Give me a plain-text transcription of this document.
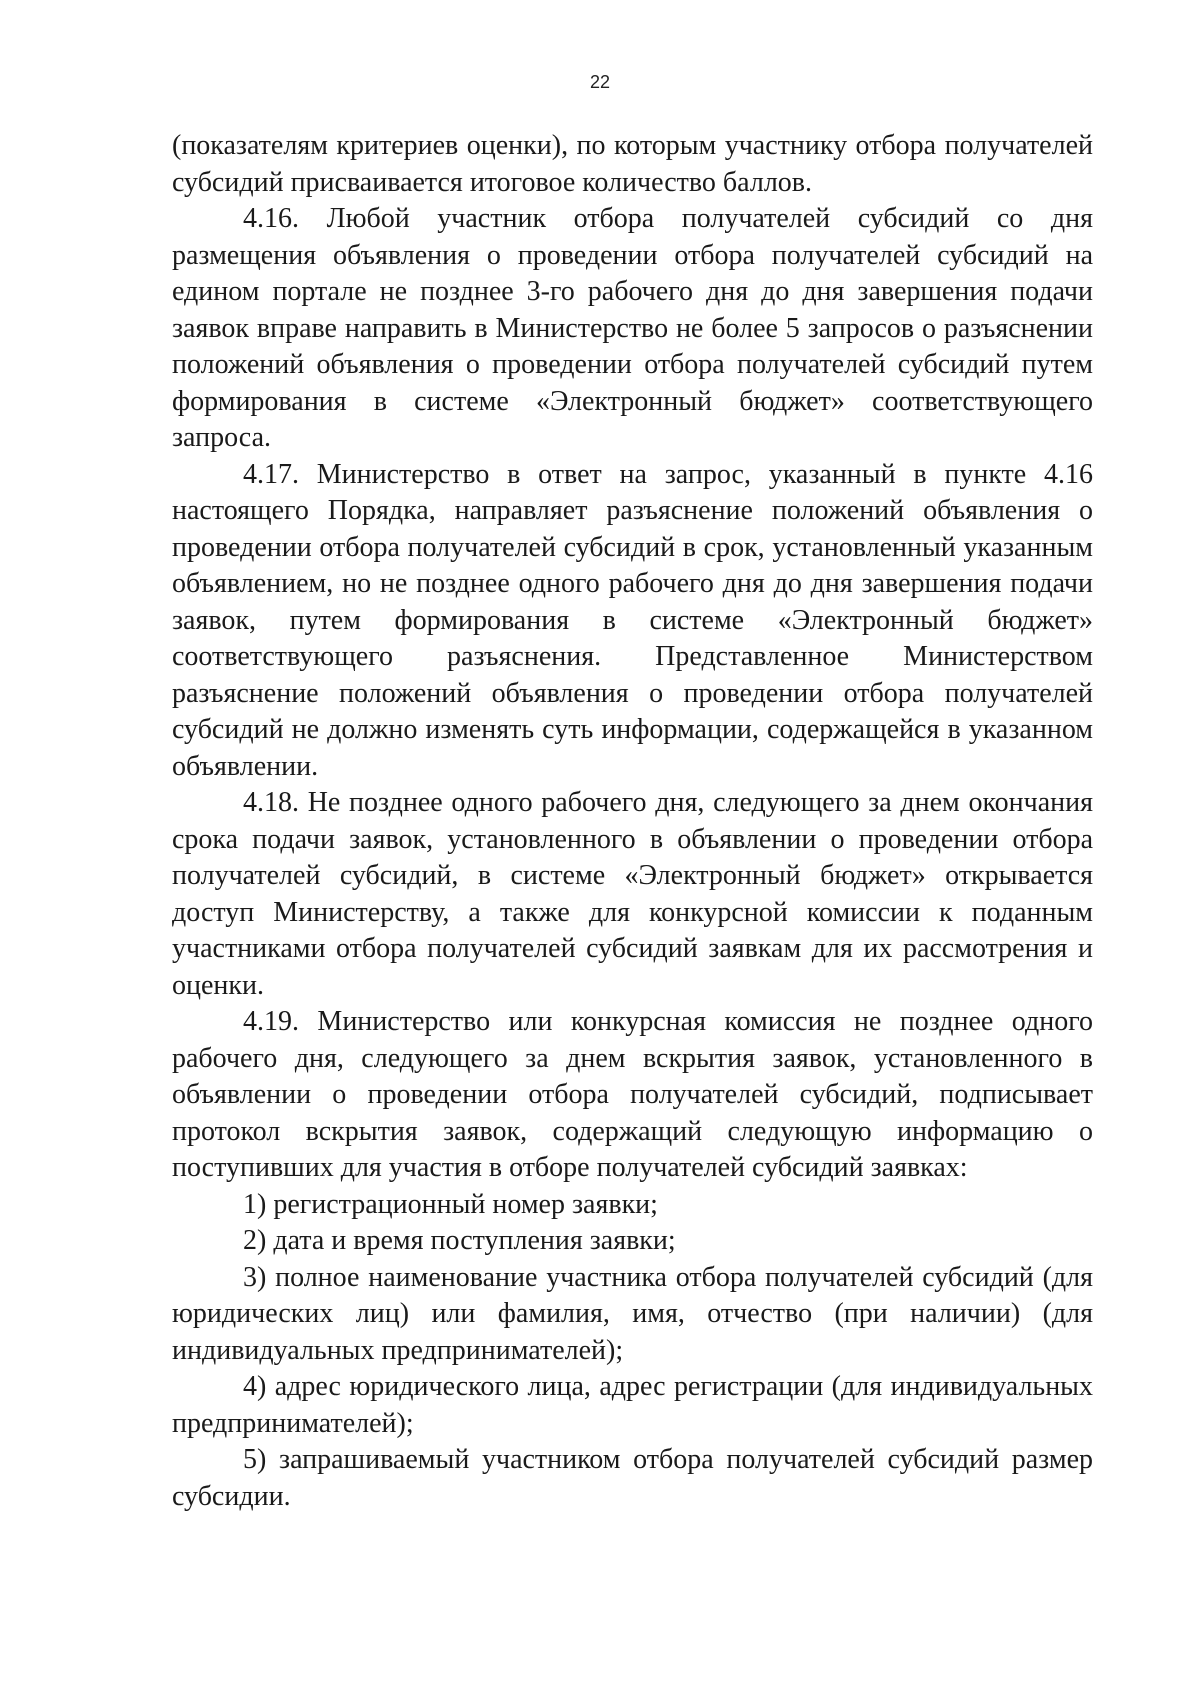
22

(показателям критериев оценки), по которым участнику отбора получателей субсидий присваивается итоговое количество баллов.

4.16. Любой участник отбора получателей субсидий со дня размещения объявления о проведении отбора получателей субсидий на едином портале не позднее 3-го рабочего дня до дня завершения подачи заявок вправе направить в Министерство не более 5 запросов о разъяснении положений объявления о проведении отбора получателей субсидий путем формирования в системе «Электронный бюджет» соответствующего запроса.

4.17. Министерство в ответ на запрос, указанный в пункте 4.16 настоящего Порядка, направляет разъяснение положений объявления о проведении отбора получателей субсидий в срок, установленный указанным объявлением, но не позднее одного рабочего дня до дня завершения подачи заявок, путем формирования в системе «Электронный бюджет» соответствующего разъяснения. Представленное Министерством разъяснение положений объявления о проведении отбора получателей субсидий не должно изменять суть информации, содержащейся в указанном объявлении.

4.18. Не позднее одного рабочего дня, следующего за днем окончания срока подачи заявок, установленного в объявлении о проведении отбора получателей субсидий, в системе «Электронный бюджет» открывается доступ Министерству, а также для конкурсной комиссии к поданным участниками отбора получателей субсидий заявкам для их рассмотрения и оценки.

4.19. Министерство или конкурсная комиссия не позднее одного рабочего дня, следующего за днем вскрытия заявок, установленного в объявлении о проведении отбора получателей субсидий, подписывает протокол вскрытия заявок, содержащий следующую информацию о поступивших для участия в отборе получателей субсидий заявках:

1) регистрационный номер заявки;

2) дата и время поступления заявки;

3) полное наименование участника отбора получателей субсидий (для юридических лиц) или фамилия, имя, отчество (при наличии) (для индивидуальных предпринимателей);

4) адрес юридического лица, адрес регистрации (для индивидуальных предпринимателей);

5) запрашиваемый участником отбора получателей субсидий размер субсидии.
